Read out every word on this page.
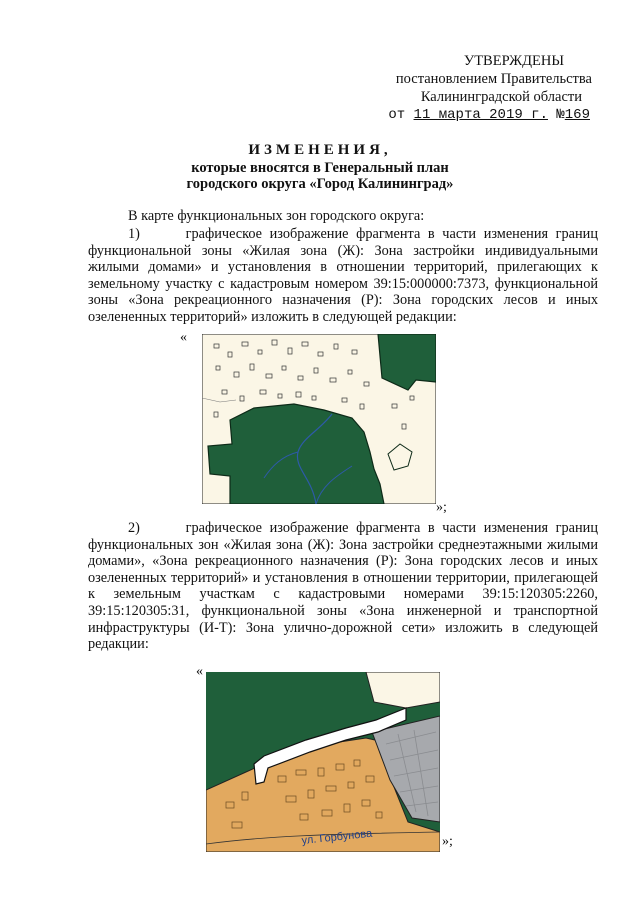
УТВЕРЖДЕНЫ
постановлением Правительства
Калининградской области
от 11 марта 2019 г. №169
ИЗМЕНЕНИЯ,
которые вносятся в Генеральный план
городского округа «Город Калининград»
В карте функциональных зон городского округа:
1)	графическое изображение фрагмента в части изменения границ функциональной зоны «Жилая зона (Ж): Зона застройки индивидуальными жилыми домами» и установления в отношении территорий, прилегающих к земельному участку с кадастровым номером 39:15:000000:7373, функциональной зоны «Зона рекреационного назначения (Р): Зона городских лесов и иных озелененных территорий» изложить в следующей редакции:
«
»;
2)	графическое изображение фрагмента в части изменения границ функциональных зон «Жилая зона (Ж): Зона застройки среднеэтажными жилыми домами», «Зона рекреационного назначения (Р): Зона городских лесов и иных озелененных территорий» и установления в отношении территории, прилегающей к земельным участкам с кадастровыми номерами 39:15:120305:2260, 39:15:120305:31, функциональной зоны «Зона инженерной и транспортной инфраструктуры (И-Т): Зона улично-дорожной сети» изложить в следующей редакции:
«
ул. Горбунова	»;
